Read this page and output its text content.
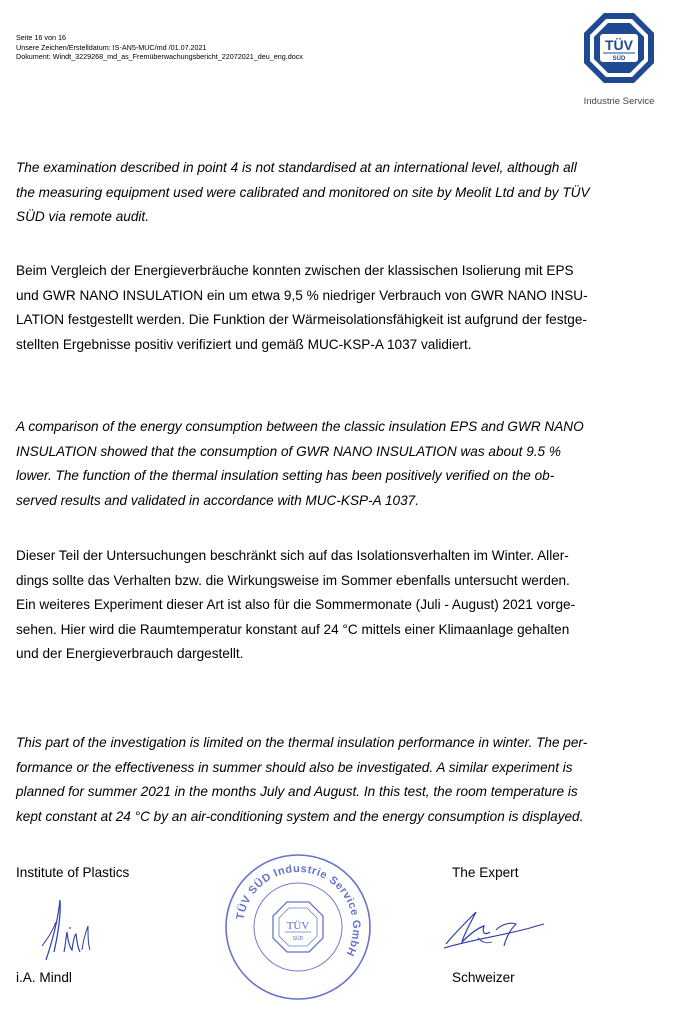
Seite 16 von 16
Unsere Zeichen/Erstelldatum: IS-AN5-MUC/md /01.07.2021
Dokument: Windt_3229268_md_as_Fremüberwachungsbericht_22072021_deu_eng.docx
TÜV
SÜD
Industrie Service
The examination described in point 4 is not standardised at an international level, although all
the measuring equipment used were calibrated and monitored on site by Meolit Ltd and by TÜV
SÜD via remote audit.
Beim Vergleich der Energieverbräuche konnten zwischen der klassischen Isolierung mit EPS
und GWR NANO INSULATION ein um etwa 9,5 % niedriger Verbrauch von GWR NANO INSU-
LATION festgestellt werden. Die Funktion der Wärmeisolationsfähigkeit ist aufgrund der festge-
stellten Ergebnisse positiv verifiziert und gemäß MUC-KSP-A 1037 validiert.
A comparison of the energy consumption between the classic insulation EPS and GWR NANO
INSULATION showed that the consumption of GWR NANO INSULATION was about 9.5 %
lower. The function of the thermal insulation setting has been positively verified on the ob-
served results and validated in accordance with MUC-KSP-A 1037.
Dieser Teil der Untersuchungen beschränkt sich auf das Isolationsverhalten im Winter. Aller-
dings sollte das Verhalten bzw. die Wirkungsweise im Sommer ebenfalls untersucht werden.
Ein weiteres Experiment dieser Art ist also für die Sommermonate (Juli - August) 2021 vorge-
sehen. Hier wird die Raumtemperatur konstant auf 24 °C mittels einer Klimaanlage gehalten
und der Energieverbrauch dargestellt.
This part of the investigation is limited on the thermal insulation performance in winter. The per-
formance or the effectiveness in summer should also be investigated. A similar experiment is
planned for summer 2021 in the months July and August. In this test, the room temperature is
kept constant at 24 °C by an air-conditioning system and the energy consumption is displayed.
Institute of Plastics	The Expert
i.A. Mindl	Schweizer
TÜV SÜD Industrie Service GmbH
TÜV
SÜD
